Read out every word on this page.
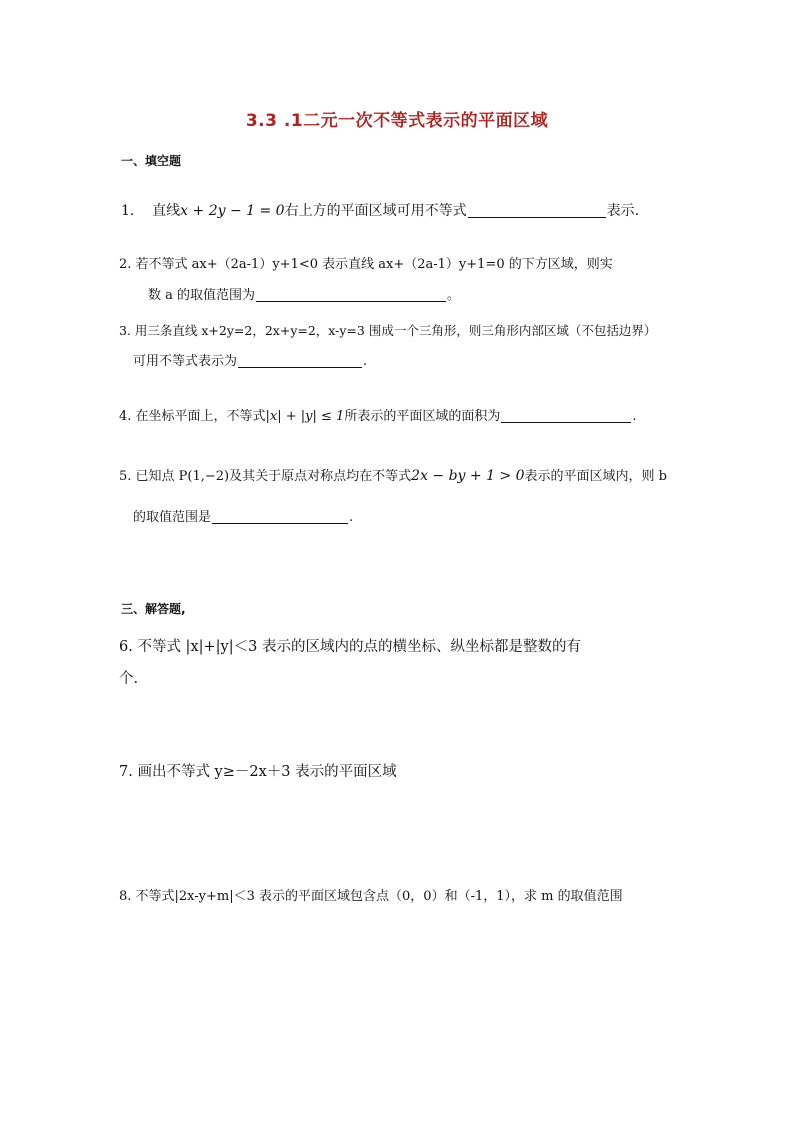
3.3 .1二元一次不等式表示的平面区域
一、填空题
1. 直线x + 2y − 1 = 0右上方的平面区域可用不等式	表示.
2. 若不等式 ax+（2a-1）y+1<0 表示直线 ax+（2a-1）y+1=0 的下方区域，则实
数 a 的取值范围为	。
3. 用三条直线 x+2y=2，2x+y=2，x-y=3 围成一个三角形，则三角形内部区域（不包括边界）
可用不等式表示为	.
4. 在坐标平面上，不等式|x| + |y| ≤ 1所表示的平面区域的面积为	.
5. 已知点 P(1,−2)及其关于原点对称点均在不等式2x − by + 1 > 0表示的平面区域内，则 b
的取值范围是	.
三、解答题,
6. 不等式 |x|+|y|＜3 表示的区域内的点的横坐标、纵坐标都是整数的有
个.
7. 画出不等式 y≥－2x＋3 表示的平面区域
8. 不等式|2x-y+m|＜3 表示的平面区域包含点（0，0）和（-1，1），求 m 的取值范围
